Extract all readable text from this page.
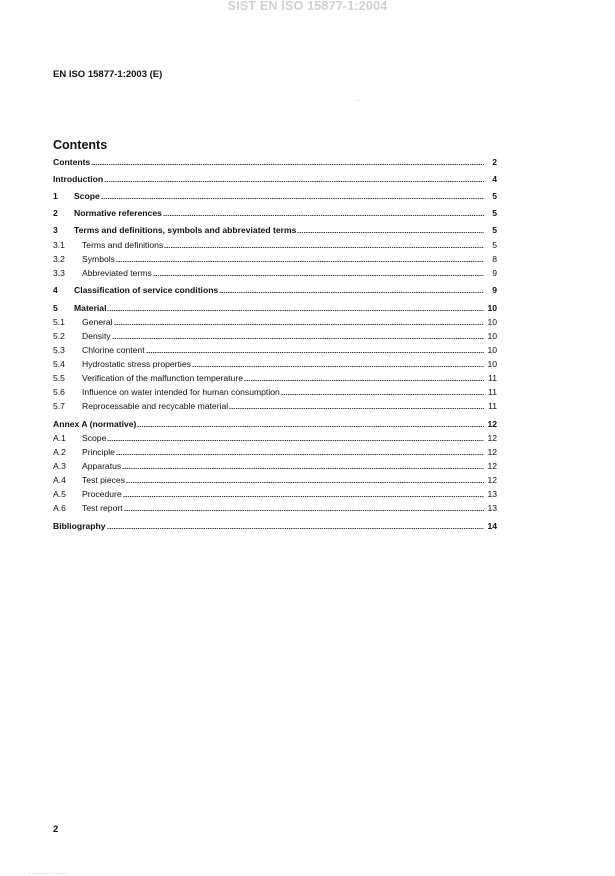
SIST EN ISO 15877-1:2004
EN ISO 15877-1:2003 (E)
Contents
Contents	2
Introduction	4
1	Scope	5
2	Normative references	5
3	Terms and definitions, symbols and abbreviated terms	5
3.1	Terms and definitions	5
3.2	Symbols	8
3.3	Abbreviated terms	9
4	Classification of service conditions	9
5	Material	10
5.1	General	10
5.2	Density	10
5.3	Chlorine content	10
5.4	Hydrostatic stress properties	10
5.5	Verification of the malfunction temperature	11
5.6	Influence on water intended for human consumption	11
5.7	Reprocessable and recycable material	11
Annex A (normative)	12
A.1	Scope	12
A.2	Principle	12
A.3	Apparatus	12
A.4	Test pieces	12
A.5	Procedure	13
A.6	Test report	13
Bibliography	14
2
